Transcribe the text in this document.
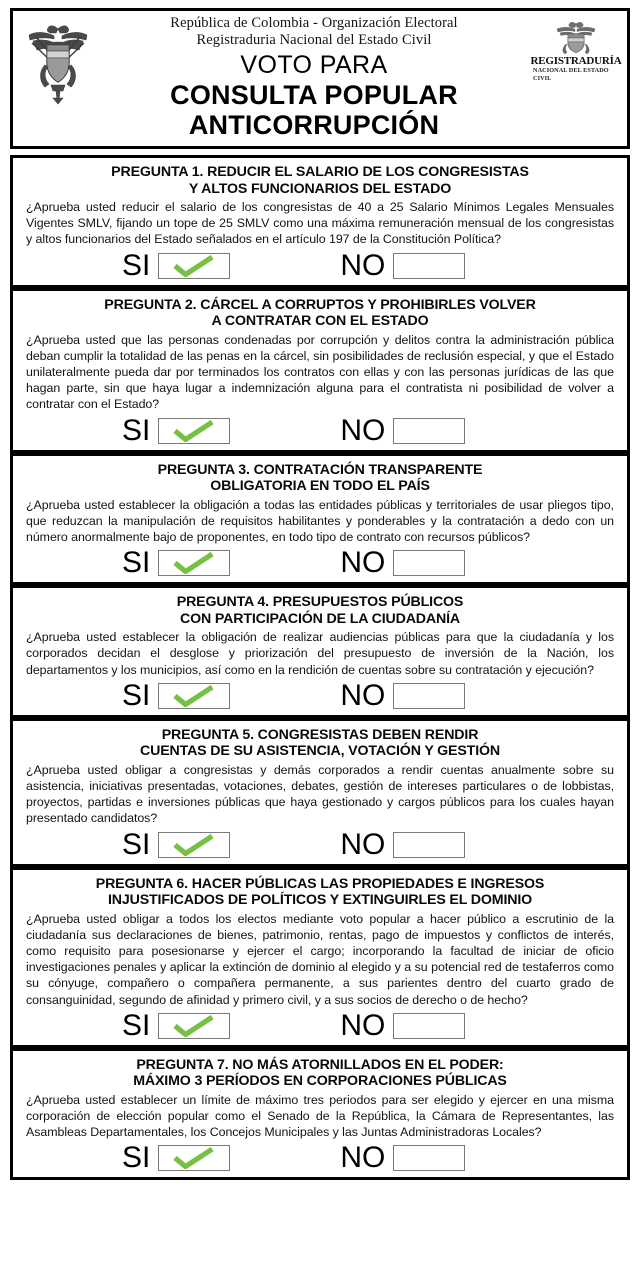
República de Colombia - Organización Electoral
Registraduria Nacional del Estado Civil
VOTO PARA
CONSULTA POPULAR
ANTICORRUPCIÓN
REGISTRADURÍA
NACIONAL DEL ESTADO CIVIL
PREGUNTA 1. REDUCIR EL SALARIO DE LOS CONGRESISTAS
Y ALTOS FUNCIONARIOS DEL ESTADO
¿Aprueba usted reducir el salario de los congresistas de 40 a 25 Salario Mínimos Legales Mensuales Vigentes SMLV, fijando un tope de 25 SMLV como una máxima remuneración mensual de los congresistas y altos funcionarios del Estado señalados en el artículo 197 de la Constitución Política?
SI	NO
PREGUNTA 2. CÁRCEL A CORRUPTOS Y PROHIBIRLES VOLVER
A CONTRATAR CON EL ESTADO
¿Aprueba usted que las personas condenadas por corrupción y delitos contra la administración pública deban cumplir la totalidad de las penas en la cárcel, sin posibilidades de reclusión especial, y que el Estado unilateralmente pueda dar por terminados los contratos con ellas y con las personas jurídicas de las que hagan parte, sin que haya lugar a indemnización alguna para el contratista ni posibilidad de volver a contratar con el Estado?
SI	NO
PREGUNTA 3. CONTRATACIÓN TRANSPARENTE
OBLIGATORIA EN TODO EL PAÍS
¿Aprueba usted establecer la obligación a todas las entidades públicas y territoriales de usar pliegos tipo, que reduzcan la manipulación de requisitos habilitantes y ponderables y la contratación a dedo con un número anormalmente bajo de proponentes, en todo tipo de contrato con recursos públicos?
SI	NO
PREGUNTA 4. PRESUPUESTOS PÚBLICOS
CON PARTICIPACIÓN DE LA CIUDADANÍA
¿Aprueba usted establecer la obligación de realizar audiencias públicas para que la ciudadanía y los corporados decidan el desglose y priorización del presupuesto de inversión de la Nación, los departamentos y los municipios, así como en la rendición de cuentas sobre su contratación y ejecución?
SI	NO
PREGUNTA 5. CONGRESISTAS DEBEN RENDIR
CUENTAS DE SU ASISTENCIA, VOTACIÓN Y GESTIÓN
¿Aprueba usted obligar a congresistas y demás corporados a rendir cuentas anualmente sobre su asistencia, iniciativas presentadas, votaciones, debates, gestión de intereses particulares o de lobbistas, proyectos, partidas e inversiones públicas que haya gestionado y cargos públicos para los cuales hayan presentado candidatos?
SI	NO
PREGUNTA 6. HACER PÚBLICAS LAS PROPIEDADES E INGRESOS
INJUSTIFICADOS DE POLÍTICOS Y EXTINGUIRLES EL DOMINIO
¿Aprueba usted obligar a todos los electos mediante voto popular a hacer público a escrutinio de la ciudadanía sus declaraciones de bienes, patrimonio, rentas, pago de impuestos y conflictos de interés, como requisito para posesionarse y ejercer el cargo; incorporando la facultad de iniciar de oficio investigaciones penales y aplicar la extinción de dominio al elegido y a su potencial red de testaferros como su cónyuge, compañero o compañera permanente, a sus parientes dentro del cuarto grado de consanguinidad, segundo de afinidad y primero civil, y a sus socios de derecho o de hecho?
SI	NO
PREGUNTA 7. NO MÁS ATORNILLADOS EN EL PODER:
MÁXIMO 3 PERÍODOS EN CORPORACIONES PÚBLICAS
¿Aprueba usted establecer un límite de máximo tres periodos para ser elegido y ejercer en una misma corporación de elección popular como el Senado de la República, la Cámara de Representantes, las Asambleas Departamentales, los Concejos Municipales y las Juntas Administradoras Locales?
SI	NO
